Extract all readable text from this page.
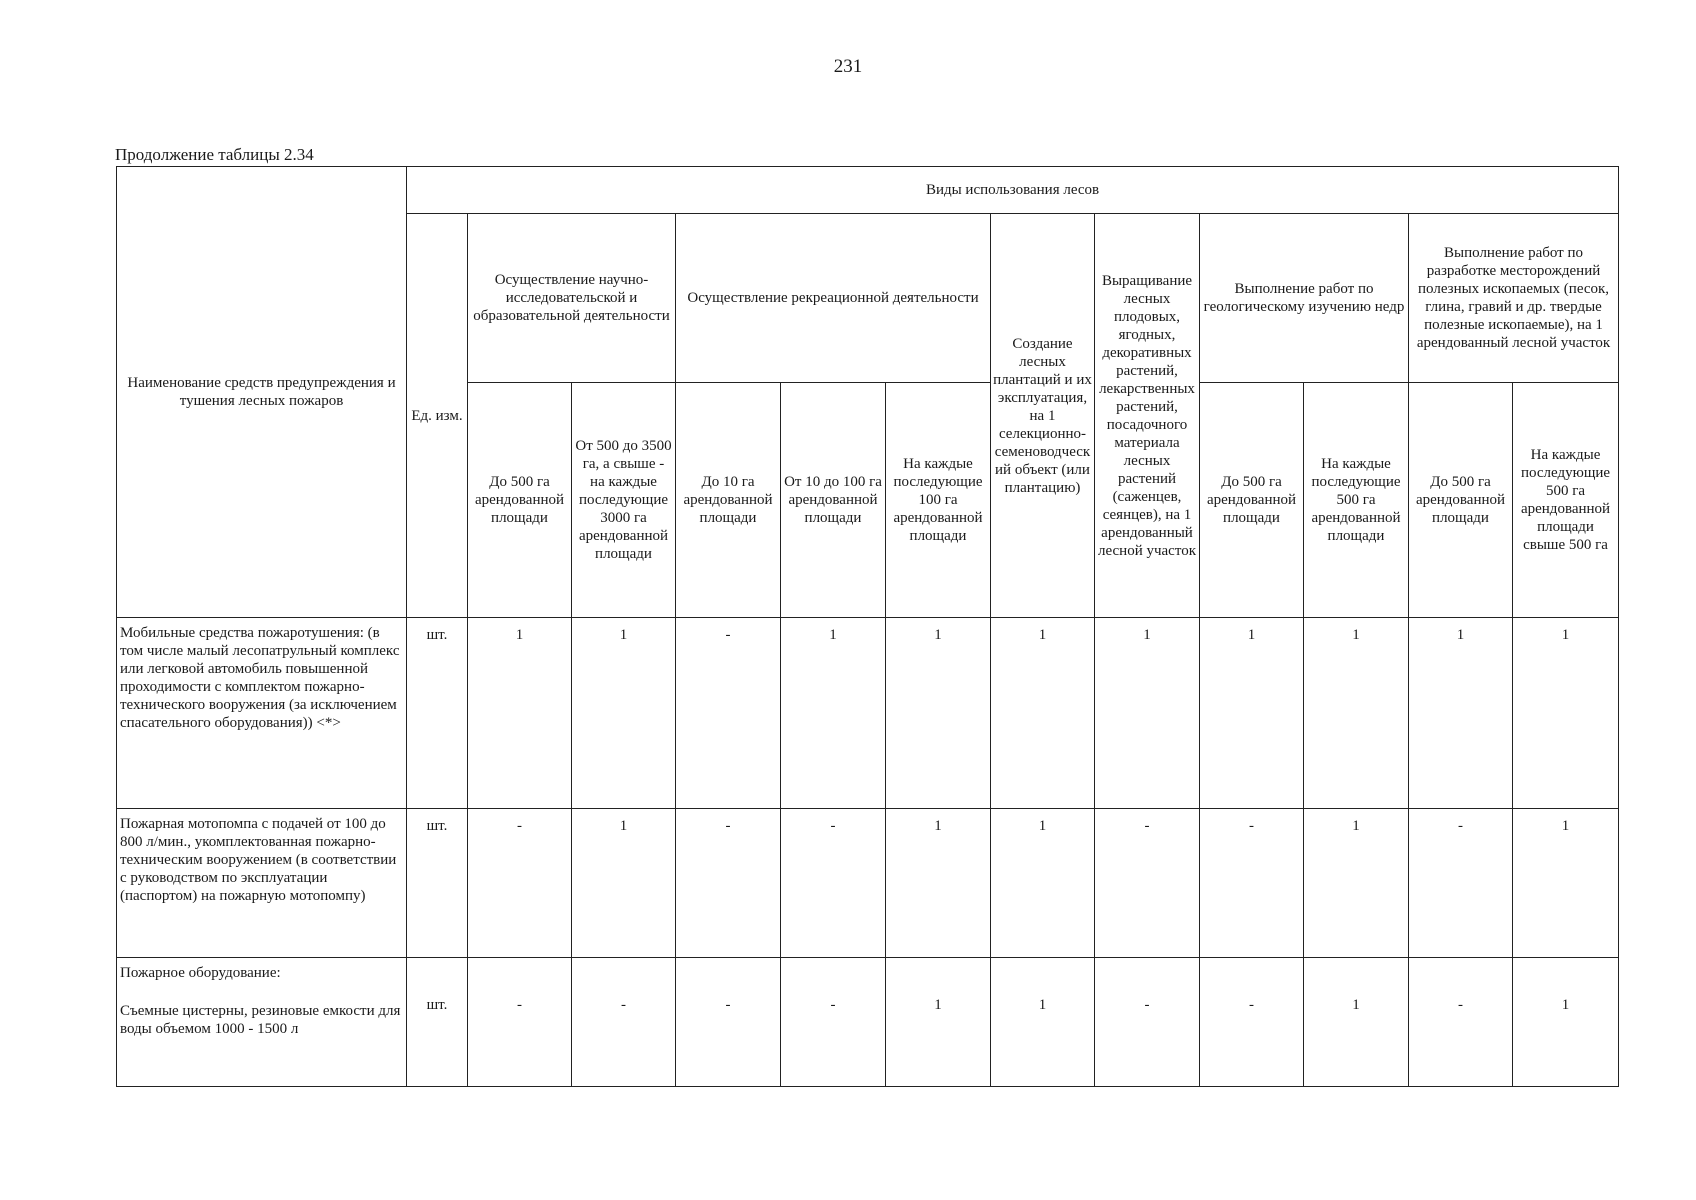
231
Продолжение таблицы 2.34
Наименование средств предупреждения и тушения лесных пожаров	Виды использования лесов											
	Ед. изм.	Осуществление научно-исследовательской и образовательной деятельности		Осуществление рекреационной деятельности			Создание лесных плантаций и их эксплуатация, на 1 селекционно-семеноводческий объект (или плантацию)	Выращивание лесных плодовых, ягодных, декоративных растений, лекарственных растений, посадочного материала лесных растений (саженцев, сеянцев), на 1 арендованный лесной участок	Выполнение работ по геологическому изучению недр		Выполнение работ по разработке месторождений полезных ископаемых (песок, глина, гравий и др. твердые полезные ископаемые), на 1 арендованный лесной участок	
		До 500 га арендованной площади	От 500 до 3500 га, а свыше - на каждые последующие 3000 га арендованной площади	До 10 га арендованной площади	От 10 до 100 га арендованной площади	На каждые последующие 100 га арендованной площади			До 500 га арендованной площади	На каждые последующие 500 га арендованной площади	До 500 га арендованной площади	На каждые последующие 500 га арендованной площади свыше 500 га
Мобильные средства пожаротушения: (в том числе малый лесопатрульный комплекс или легковой автомобиль повышенной проходимости с комплектом пожарно-технического вооружения (за исключением спасательного оборудования)) <*>	шт.	1	1	-	1	1	1	1	1	1	1	1
Пожарная мотопомпа с подачей от 100 до 800 л/мин., укомплектованная пожарно-техническим вооружением (в соответствии с руководством по эксплуатации (паспортом) на пожарную мотопомпу)	шт.	-	1	-	-	1	1	-	-	1	-	1

Пожарное оборудование:
Съемные цистерны, резиновые емкости для воды объемом 1000 - 1500 л	шт.	-	-	-	-	1	1	-	-	1	-	1
